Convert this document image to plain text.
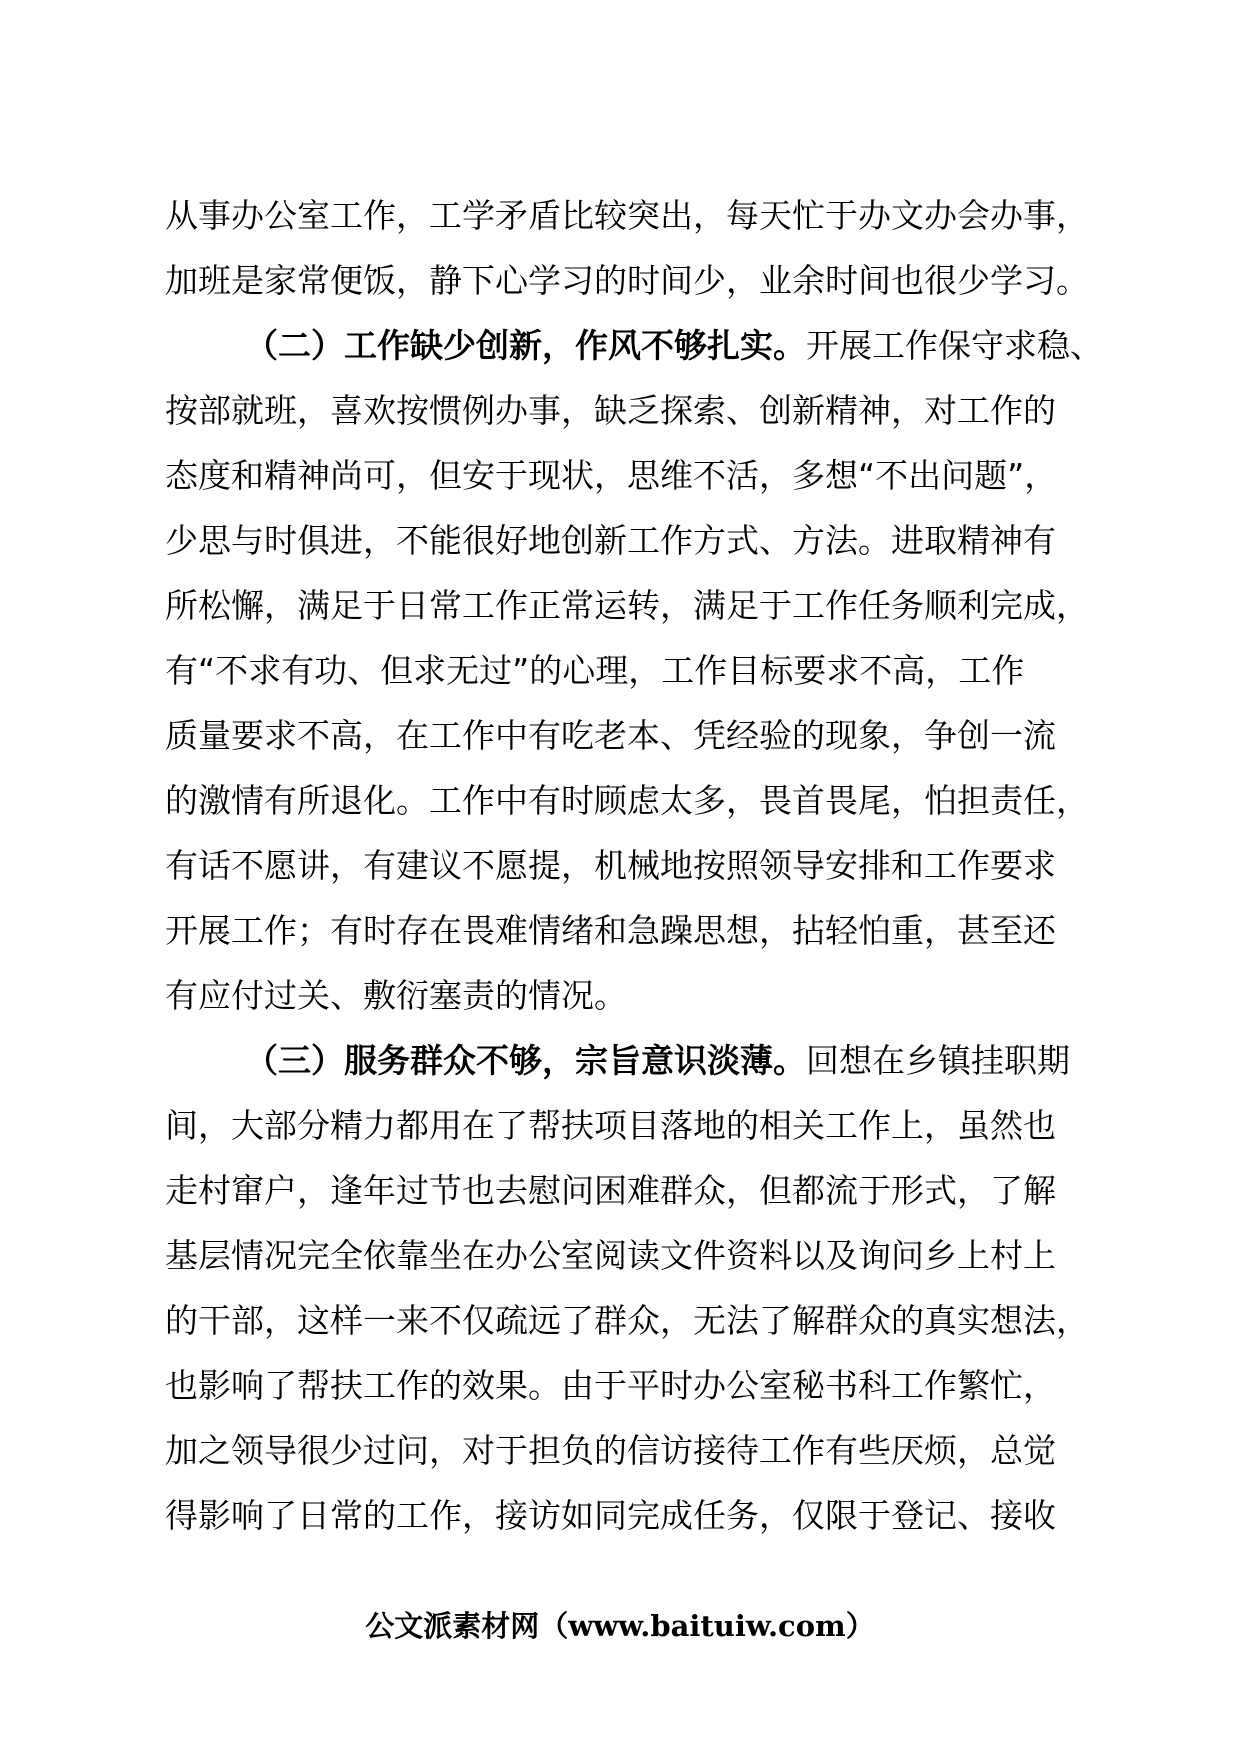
从事办公室工作，工学矛盾比较突出，每天忙于办文办会办事，
加班是家常便饭，静下心学习的时间少，业余时间也很少学习。
（二）工作缺少创新，作风不够扎实。开展工作保守求稳、
按部就班，喜欢按惯例办事，缺乏探索、创新精神，对工作的
态度和精神尚可，但安于现状，思维不活，多想“不出问题”，
少思与时俱进，不能很好地创新工作方式、方法。进取精神有
所松懈，满足于日常工作正常运转，满足于工作任务顺利完成，
有“不求有功、但求无过”的心理，工作目标要求不高，工作
质量要求不高，在工作中有吃老本、凭经验的现象，争创一流
的激情有所退化。工作中有时顾虑太多，畏首畏尾，怕担责任，
有话不愿讲，有建议不愿提，机械地按照领导安排和工作要求
开展工作；有时存在畏难情绪和急躁思想，拈轻怕重，甚至还
有应付过关、敷衍塞责的情况。
（三）服务群众不够，宗旨意识淡薄。回想在乡镇挂职期
间，大部分精力都用在了帮扶项目落地的相关工作上，虽然也
走村窜户，逢年过节也去慰问困难群众，但都流于形式，了解
基层情况完全依靠坐在办公室阅读文件资料以及询问乡上村上
的干部，这样一来不仅疏远了群众，无法了解群众的真实想法，
也影响了帮扶工作的效果。由于平时办公室秘书科工作繁忙，
加之领导很少过问，对于担负的信访接待工作有些厌烦，总觉
得影响了日常的工作，接访如同完成任务，仅限于登记、接收
公文派素材网（www.baituiw.com）
